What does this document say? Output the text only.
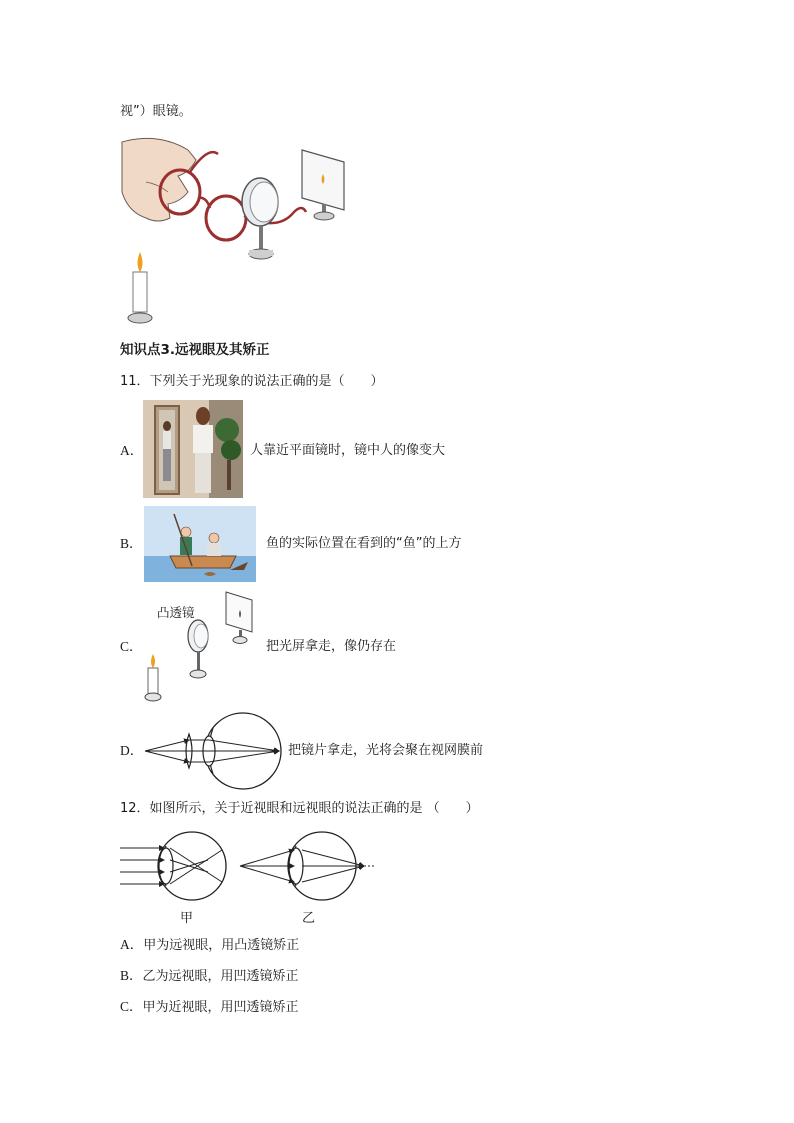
视”）眼镜。
知识点3.远视眼及其矫正
11．下列关于光现象的说法正确的是（　　）
A．	人靠近平面镜时，镜中人的像变大
B．	鱼的实际位置在看到的“鱼”的上方
C．
凸透镜
把光屏拿走，像仍存在
D．	把镜片拿走，光将会聚在视网膜前
12．如图所示，关于近视眼和远视眼的说法正确的是 （　　）
甲	乙
A．甲为远视眼，用凸透镜矫正
B．乙为远视眼，用凹透镜矫正
C．甲为近视眼，用凹透镜矫正
